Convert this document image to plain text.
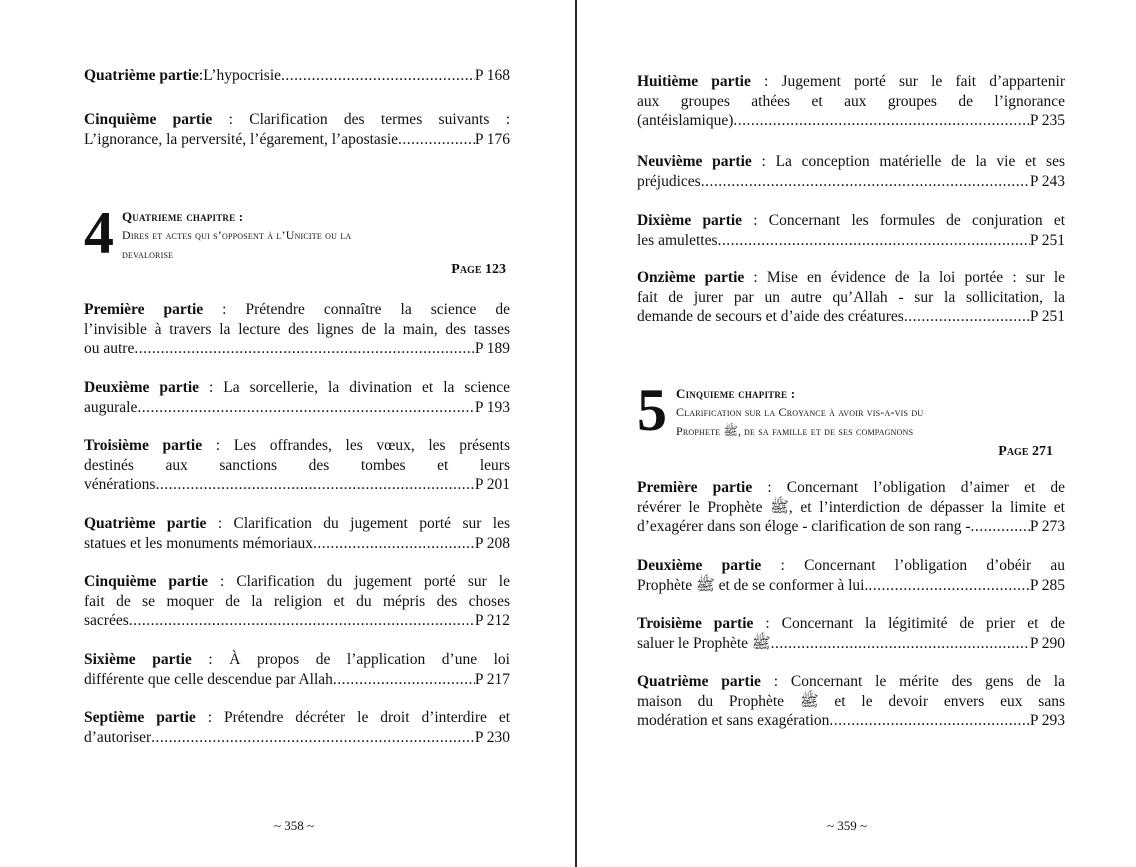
Quatrième partie : L’hypocrisie .....	P 168
Cinquième partie : Clarification des termes suivants :
L’ignorance, la perversité, l’égarement, l’apostasie .....	P 176
4 Quatrieme chapitre :
Dires et actes qui s’opposent à l’Unicite ou la
devalorise
Page 123
Première partie : Prétendre connaître la science de
l’invisible à travers la lecture des lignes de la main, des tasses
ou autre .....	P 189
Deuxième partie : La sorcellerie, la divination et la science
augurale .....	P 193
Troisième partie : Les offrandes, les vœux, les présents
destinés aux sanctions des tombes et leurs
vénérations .....	P 201
Quatrième partie : Clarification du jugement porté sur les
statues et les monuments mémoriaux .....	P 208
Cinquième partie : Clarification du jugement porté sur le
fait de se moquer de la religion et du mépris des choses
sacrées .....	P 212
Sixième partie : À propos de l’application d’une loi
différente que celle descendue par Allah .....	P 217
Septième partie : Prétendre décréter le droit d’interdire et
d’autoriser .....	P 230
~ 358 ~
Huitième partie : Jugement porté sur le fait d’appartenir
aux groupes athées et aux groupes de l’ignorance
(antéislamique) .....	P 235
Neuvième partie : La conception matérielle de la vie et ses
préjudices .....	P 243
Dixième partie : Concernant les formules de conjuration et
les amulettes .....	P 251
Onzième partie : Mise en évidence de la loi portée : sur le
fait de jurer par un autre qu’Allah - sur la sollicitation, la
demande de secours et d’aide des créatures .....	P 251
5 Cinquieme chapitre :
Clarification sur la Croyance à avoir vis-a-vis du
Prophete ﷺ, de sa famille et de ses compagnons
Page 271
Première partie : Concernant l’obligation d’aimer et de
révérer le Prophète ﷺ, et l’interdiction de dépasser la limite et
d’exagérer dans son éloge - clarification de son rang - .....	P 273
Deuxième partie : Concernant l’obligation d’obéir au
Prophète ﷺ et de se conformer à lui. .....	P 285
Troisième partie : Concernant la légitimité de prier et de
saluer le Prophète ﷺ .....	P 290
Quatrième partie : Concernant le mérite des gens de la
maison du Prophète ﷺ et le devoir envers eux sans
modération et sans exagération .....	P 293
~ 359 ~
